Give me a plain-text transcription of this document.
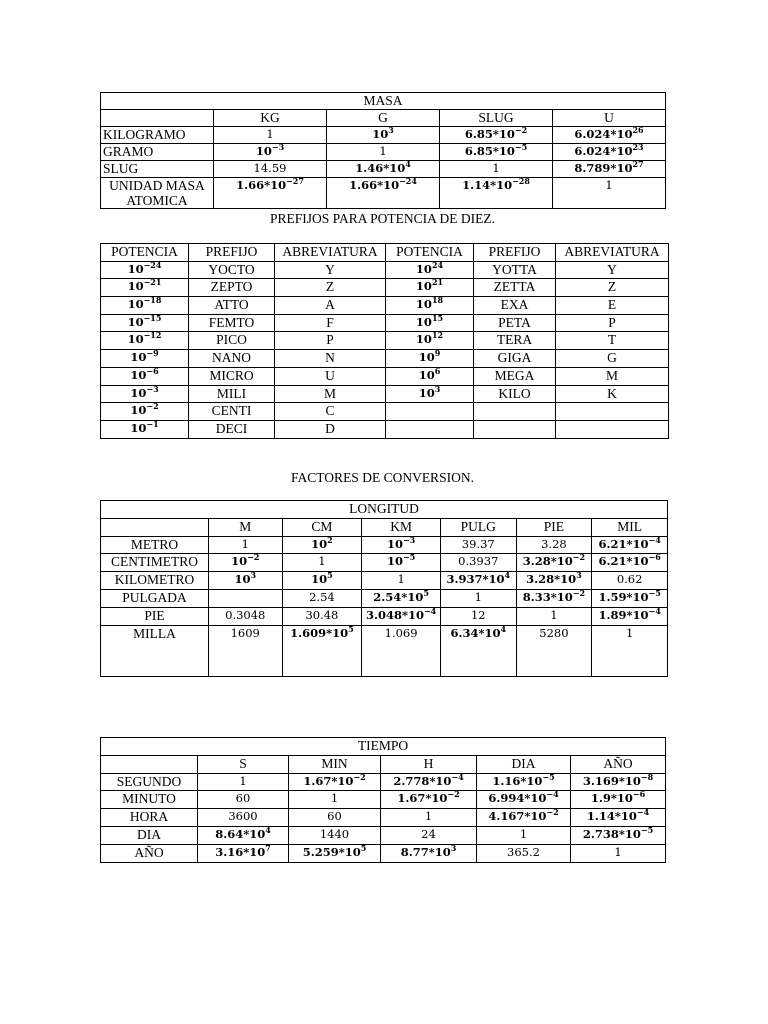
MASA				
	KG	G	SLUG	U
KILOGRAMO	1	$10^3$	$6.85*10^{-2}$	$6.024*10^{26}$
GRAMO	$10^{-3}$	1	$6.85*10^{-5}$	$6.024*10^{23}$
SLUG	14.59	$1.46*10^4$	1	$8.789*10^{27}$
UNIDAD MASA ATOMICA	$1.66*10^{-27}$	$1.66*10^{-24}$	$1.14*10^{-28}$	1
PREFIJOS PARA POTENCIA DE DIEZ.
POTENCIA	PREFIJO	ABREVIATURA	POTENCIA	PREFIJO	ABREVIATURA
$10^{-24}$	YOCTO	Y	$10^{24}$	YOTTA	Y
$10^{-21}$	ZEPTO	Z	$10^{21}$	ZETTA	Z
$10^{-18}$	ATTO	A	$10^{18}$	EXA	E
$10^{-15}$	FEMTO	F	$10^{15}$	PETA	P
$10^{-12}$	PICO	P	$10^{12}$	TERA	T
$10^{-9}$	NANO	N	$10^9$	GIGA	G
$10^{-6}$	MICRO	U	$10^6$	MEGA	M
$10^{-3}$	MILI	M	$10^3$	KILO	K
$10^{-2}$	CENTI	C			
$10^{-1}$	DECI	D			
FACTORES DE CONVERSION.
LONGITUD						
	M	CM	KM	PULG	PIE	MIL
METRO	1	$10^2$	$10^{-3}$	39.37	3.28	$6.21*10^{-4}$
CENTIMETRO	$10^{-2}$	1	$10^{-5}$	0.3937	$3.28*10^{-2}$	$6.21*10^{-6}$
KILOMETRO	$10^3$	$10^5$	1	$3.937*10^4$	$3.28*10^3$	0.62
PULGADA		2.54	$2.54*10^5$	1	$8.33*10^{-2}$	$1.59*10^{-5}$
PIE	0.3048	30.48	$3.048*10^{-4}$	12	1	$1.89*10^{-4}$
MILLA	1609	$1.609*10^5$	1.069	$6.34*10^4$	5280	1
TIEMPO					
	S	MIN	H	DIA	AÑO
SEGUNDO	1	$1.67*10^{-2}$	$2.778*10^{-4}$	$1.16*10^{-5}$	$3.169*10^{-8}$
MINUTO	60	1	$1.67*10^{-2}$	$6.994*10^{-4}$	$1.9*10^{-6}$
HORA	3600	60	1	$4.167*10^{-2}$	$1.14*10^{-4}$
DIA	$8.64*10^4$	1440	24	1	$2.738*10^{-5}$
AÑO	$3.16*10^7$	$5.259*10^5$	$8.77*10^3$	365.2	1
